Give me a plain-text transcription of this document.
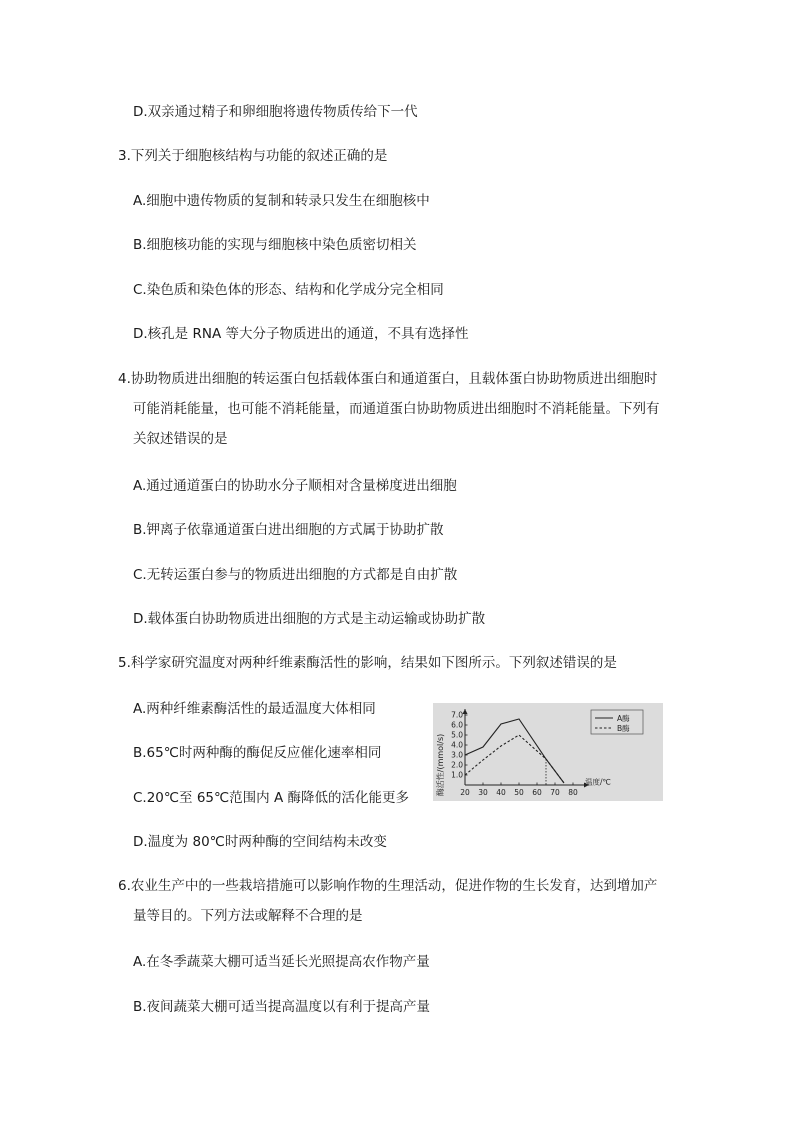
D.双亲通过精子和卵细胞将遗传物质传给下一代
3.下列关于细胞核结构与功能的叙述正确的是
A.细胞中遗传物质的复制和转录只发生在细胞核中
B.细胞核功能的实现与细胞核中染色质密切相关
C.染色质和染色体的形态、结构和化学成分完全相同
D.核孔是 RNA 等大分子物质进出的通道，不具有选择性
4.协助物质进出细胞的转运蛋白包括载体蛋白和通道蛋白，且载体蛋白协助物质进出细胞时
可能消耗能量，也可能不消耗能量，而通道蛋白协助物质进出细胞时不消耗能量。下列有
关叙述错误的是
A.通过通道蛋白的协助水分子顺相对含量梯度进出细胞
B.钾离子依靠通道蛋白进出细胞的方式属于协助扩散
C.无转运蛋白参与的物质进出细胞的方式都是自由扩散
D.载体蛋白协助物质进出细胞的方式是主动运输或协助扩散
5.科学家研究温度对两种纤维素酶活性的影响，结果如下图所示。下列叙述错误的是
A.两种纤维素酶活性的最适温度大体相同
B.65℃时两种酶的酶促反应催化速率相同
C.20℃至 65℃范围内 A 酶降低的活化能更多
D.温度为 80℃时两种酶的空间结构未改变
6.农业生产中的一些栽培措施可以影响作物的生理活动，促进作物的生长发育，达到增加产
量等目的。下列方法或解释不合理的是
A.在冬季蔬菜大棚可适当延长光照提高农作物产量
B.夜间蔬菜大棚可适当提高温度以有利于提高产量
酶活性/(mmol/s) 1.0
2.0
3.0
4.0
5.0
6.0
7.0
20 30 40 50 60 70 80
温度/℃
A酶
B酶
